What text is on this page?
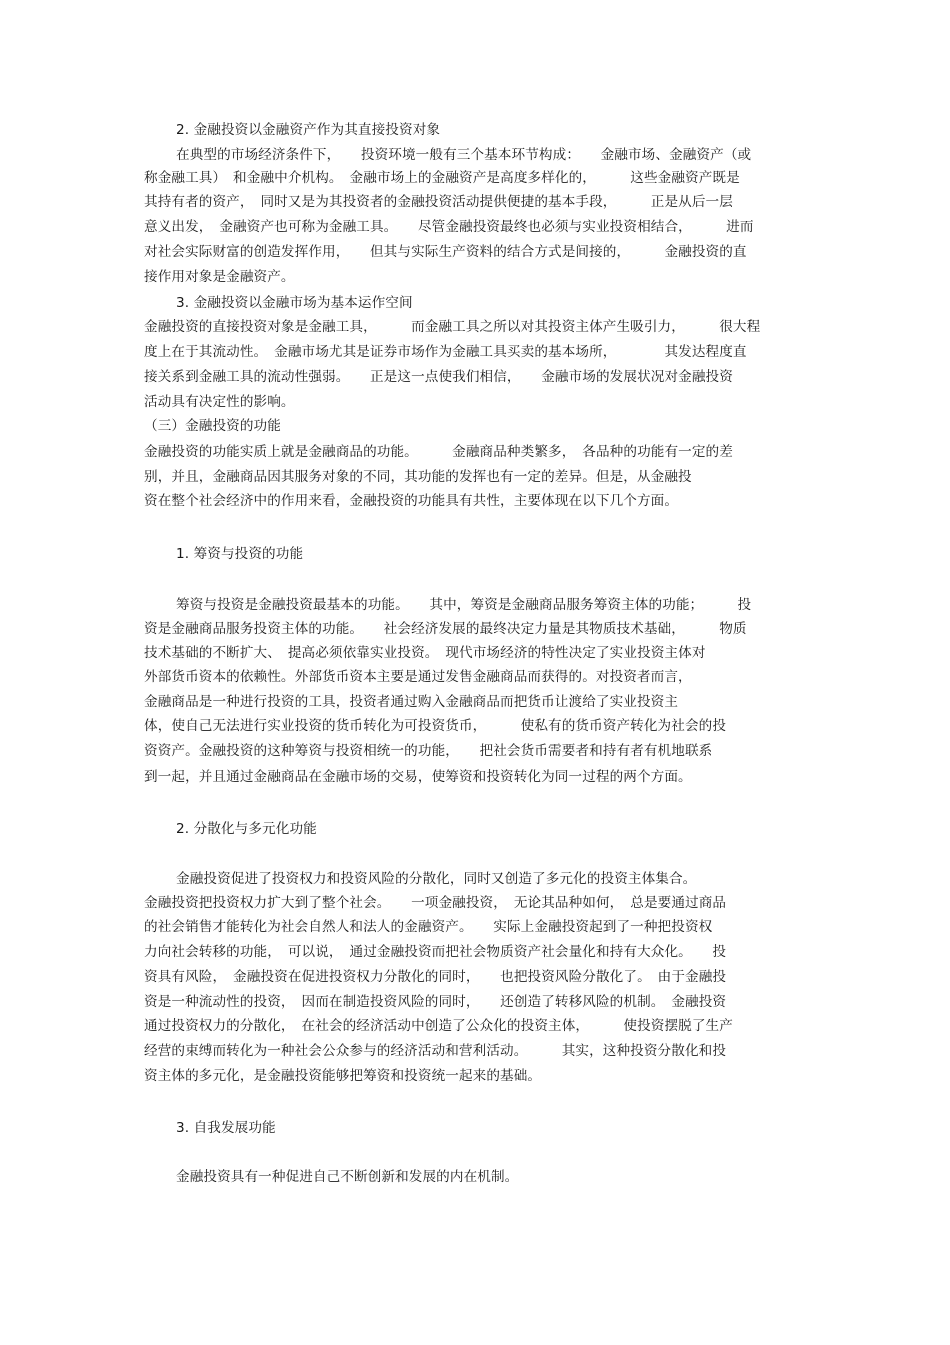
2. 金融投资以金融资产作为其直接投资对象
在典型的市场经济条件下，　　投资环境一般有三个基本环节构成：　　金融市场、金融资产（或
称金融工具）　和金融中介机构。　金融市场上的金融资产是高度多样化的，　　　这些金融资产既是
其持有者的资产，　同时又是为其投资者的金融投资活动提供便捷的基本手段，　　　正是从后一层
意义出发，　金融资产也可称为金融工具。　　尽管金融投资最终也必须与实业投资相结合，　　　进而
对社会实际财富的创造发挥作用，　　但其与实际生产资料的结合方式是间接的，　　　金融投资的直
接作用对象是金融资产。
3. 金融投资以金融市场为基本运作空间
金融投资的直接投资对象是金融工具，　　　而金融工具之所以对其投资主体产生吸引力，　　　很大程
度上在于其流动性。　金融市场尤其是证券市场作为金融工具买卖的基本场所，　　　　其发达程度直
接关系到金融工具的流动性强弱。　　正是这一点使我们相信，　　金融市场的发展状况对金融投资
活动具有决定性的影响。
（三）金融投资的功能
金融投资的功能实质上就是金融商品的功能。　　　金融商品种类繁多，　各品种的功能有一定的差
别，并且，金融商品因其服务对象的不同，其功能的发挥也有一定的差异。但是，从金融投
资在整个社会经济中的作用来看，金融投资的功能具有共性，主要体现在以下几个方面。
1. 筹资与投资的功能
筹资与投资是金融投资最基本的功能。　　其中，筹资是金融商品服务筹资主体的功能；　　　投
资是金融商品服务投资主体的功能。　　社会经济发展的最终决定力量是其物质技术基础，　　　物质
技术基础的不断扩大、　提高必须依靠实业投资。　现代市场经济的特性决定了实业投资主体对
外部货币资本的依赖性。外部货币资本主要是通过发售金融商品而获得的。对投资者而言，
金融商品是一种进行投资的工具，投资者通过购入金融商品而把货币让渡给了实业投资主
体，使自己无法进行实业投资的货币转化为可投资货币，　　　使私有的货币资产转化为社会的投
资资产。金融投资的这种筹资与投资相统一的功能，　　把社会货币需要者和持有者有机地联系
到一起，并且通过金融商品在金融市场的交易，使筹资和投资转化为同一过程的两个方面。
2. 分散化与多元化功能
金融投资促进了投资权力和投资风险的分散化，同时又创造了多元化的投资主体集合。
金融投资把投资权力扩大到了整个社会。　　一项金融投资，　无论其品种如何，　总是要通过商品
的社会销售才能转化为社会自然人和法人的金融资产。　　实际上金融投资起到了一种把投资权
力向社会转移的功能，　可以说，　通过金融投资而把社会物质资产社会量化和持有大众化。　　投
资具有风险，　金融投资在促进投资权力分散化的同时，　　也把投资风险分散化了。　由于金融投
资是一种流动性的投资，　因而在制造投资风险的同时，　　还创造了转移风险的机制。　金融投资
通过投资权力的分散化，　在社会的经济活动中创造了公众化的投资主体，　　　使投资摆脱了生产
经营的束缚而转化为一种社会公众参与的经济活动和营利活动。　　　其实，这种投资分散化和投
资主体的多元化，是金融投资能够把筹资和投资统一起来的基础。
3. 自我发展功能
金融投资具有一种促进自己不断创新和发展的内在机制。
